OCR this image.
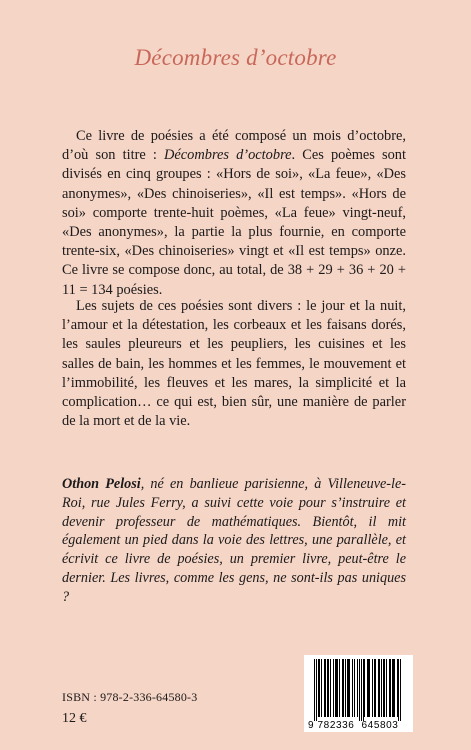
Décombres d’octobre

Ce livre de poésies a été composé un mois d’octobre, d’où son titre : Décombres d’octobre. Ces poèmes sont divisés en cinq groupes : «Hors de soi», «La feue», «Des anonymes», «Des chinoiseries», «Il est temps». «Hors de soi» comporte trente-huit poèmes, «La feue» vingt-neuf, «Des anonymes», la partie la plus fournie, en comporte trente-six, «Des chinoiseries» vingt et «Il est temps» onze. Ce livre se compose donc, au total, de 38 + 29 + 36 + 20 + 11 = 134 poésies.

Les sujets de ces poésies sont divers : le jour et la nuit, l’amour et la détestation, les corbeaux et les faisans dorés, les saules pleureurs et les peupliers, les cuisines et les salles de bain, les hommes et les femmes, le mouvement et l’immobilité, les fleuves et les mares, la simplicité et la complication… ce qui est, bien sûr, une manière de parler de la mort et de la vie.

Othon Pelosi, né en banlieue parisienne, à Villeneuve-le-Roi, rue Jules Ferry, a suivi cette voie pour s’instruire et devenir professeur de mathématiques. Bientôt, il mit également un pied dans la voie des lettres, une parallèle, et écrivit ce livre de poésies, un premier livre, peut-être le dernier. Les livres, comme les gens, ne sont-ils pas uniques ?
ISBN : 978-2-336-64580-3
12 €	9 782336 645803
